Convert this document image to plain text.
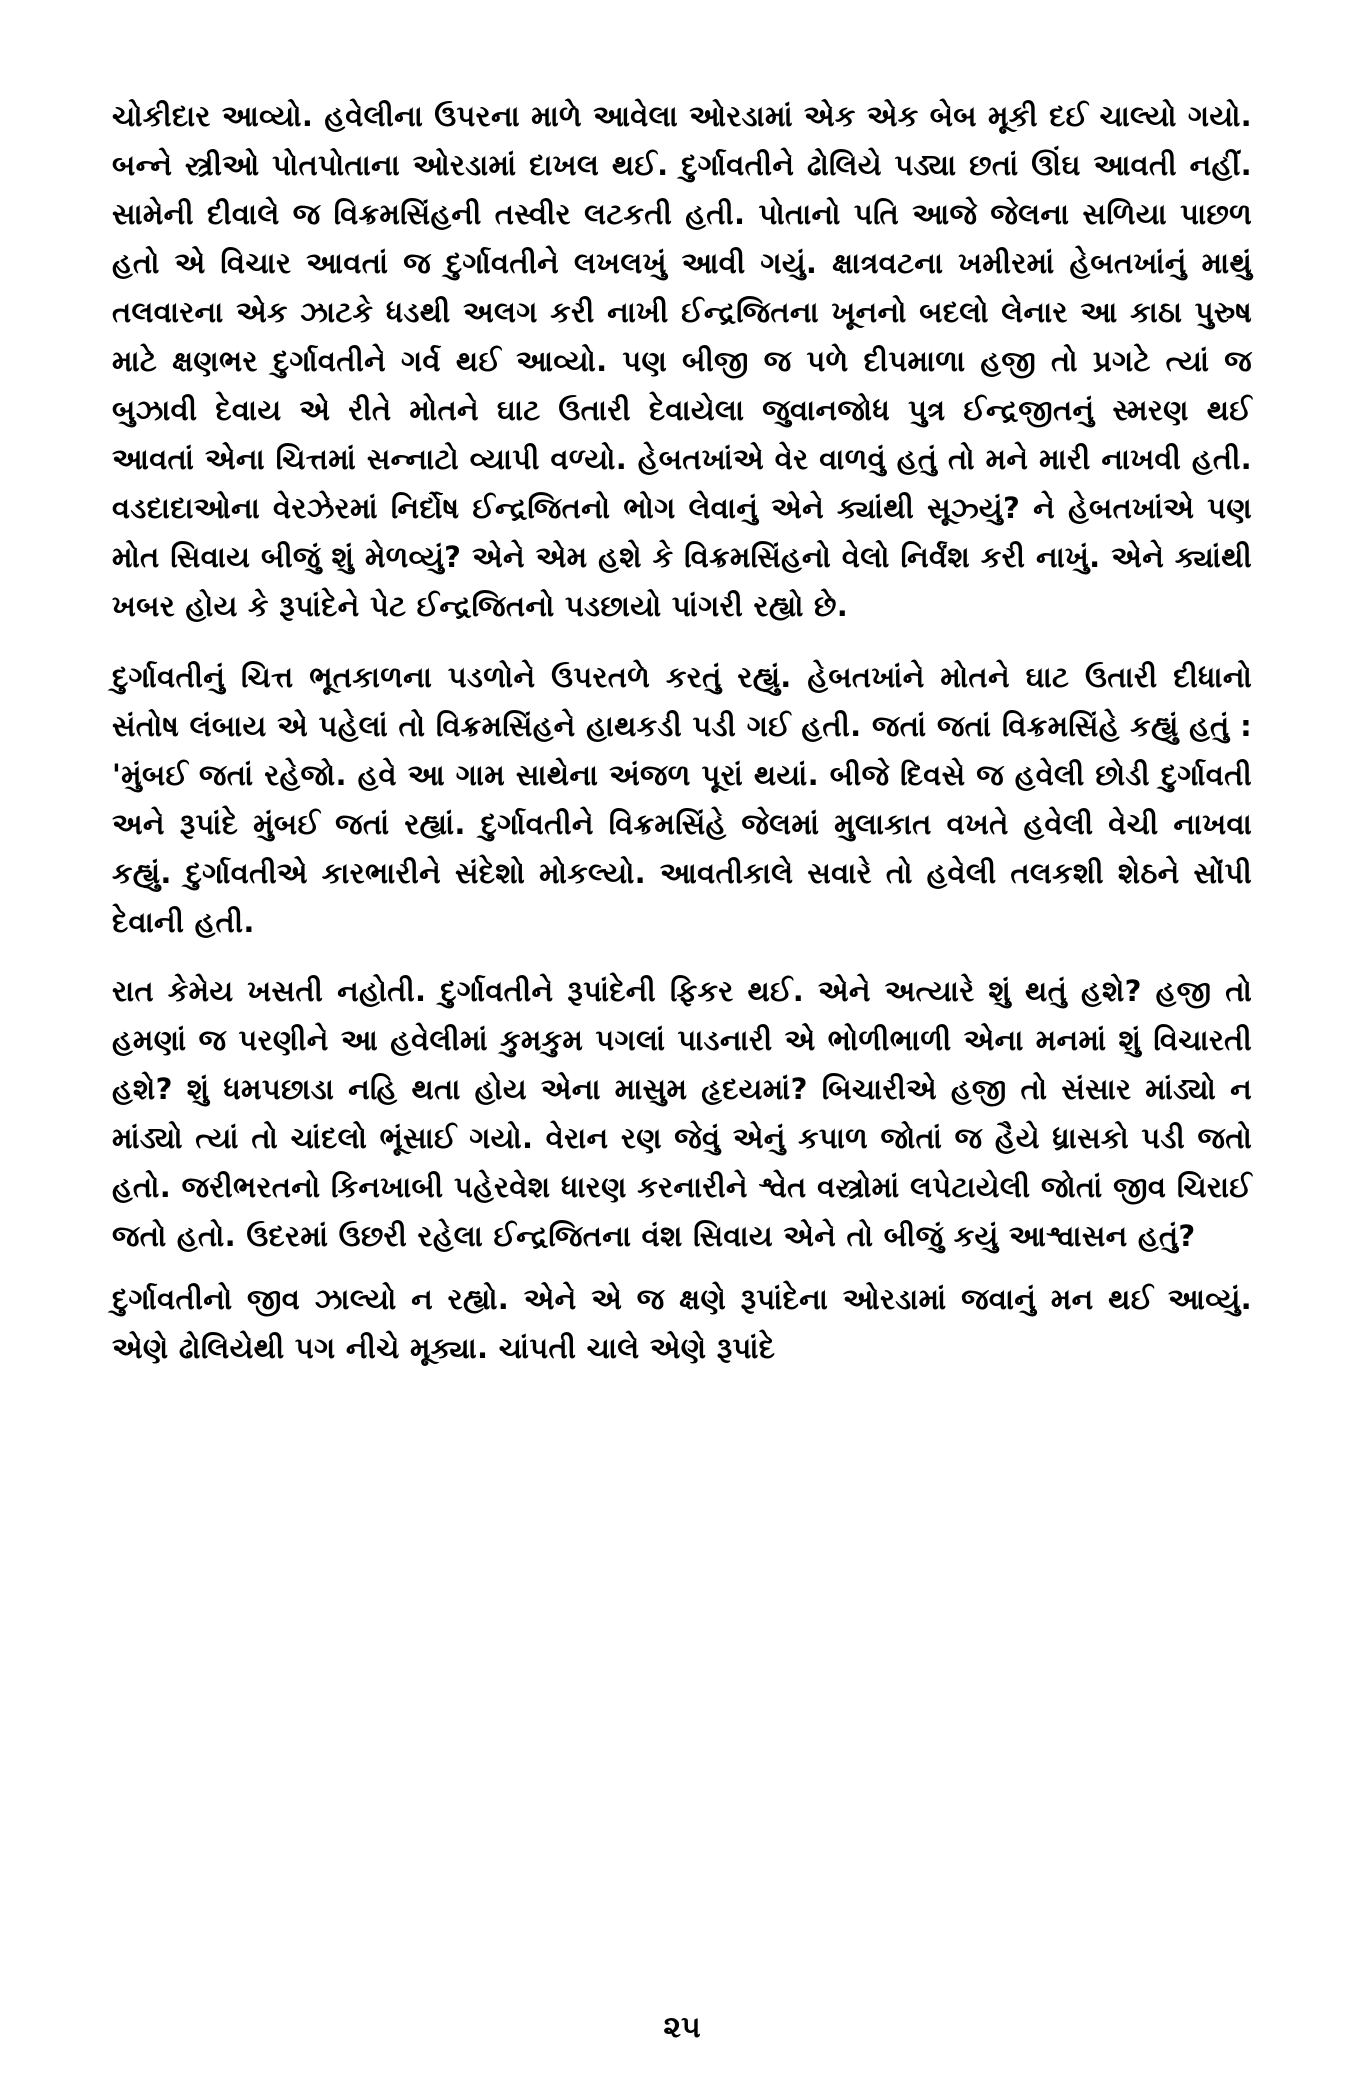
ચોકીદાર આવ્યો. હવેલીના ઉપરના માળે આવેલા ઓરડામાં એક એક બેબ મૂકી દઈ ચાલ્યો ગયો. બન્ને સ્ત્રીઓ પોતપોતાના ઓરડામાં દાખલ થઈ. દુર્ગાવતીને ઢોલિયે પડ્યા છતાં ઊંઘ આવતી નહીં. સામેની દીવાલે જ વિક્રમસિંહની તસ્વીર લટકતી હતી. પોતાનો પતિ આજે જેલના સળિયા પાછળ હતો એ વિચાર આવતાં જ દુર્ગાવતીને લખલખું આવી ગયું. ક્ષાત્રવટના ખમીરમાં હેબતખાંનું માથું તલવારના એક ઝાટકે ધડથી અલગ કરી નાખી ઈન્દ્રજિતના ખૂનનો બદલો લેનાર આ કાઠા પુરુષ માટે ક્ષણભર દુર્ગાવતીને ગર્વ થઈ આવ્યો. પણ બીજી જ પળે દીપમાળા હજી તો પ્રગટે ત્યાં જ બુઝાવી દેવાય એ રીતે મોતને ઘાટ ઉતારી દેવાયેલા જુવાનજોધ પુત્ર ઈન્દ્રજીતનું સ્મરણ થઈ આવતાં એના ચિત્તમાં સન્નાટો વ્યાપી વળ્યો. હેબતખાંએ વેર વાળવું હતું તો મને મારી નાખવી હતી. વડદાદાઓના વેરઝેરમાં નિર્દોષ ઈન્દ્રજિતનો ભોગ લેવાનું એને ક્યાંથી સૂઝ્યું? ને હેબતખાંએ પણ મોત સિવાય બીજું શું મેળવ્યું? એને એમ હશે કે વિક્રમસિંહનો વેલો નિર્વંશ કરી નાખું. એને ક્યાંથી ખબર હોય કે રૂપાંદેને પેટ ઈન્દ્રજિતનો પડછાયો પાંગરી રહ્યો છે.

દુર્ગાવતીનું ચિત્ત ભૂતકાળના પડળોને ઉપરતળે કરતું રહ્યું. હેબતખાંને મોતને ઘાટ ઉતારી દીધાનો સંતોષ લંબાય એ પહેલાં તો વિક્રમસિંહને હાથકડી પડી ગઈ હતી. જતાં જતાં વિક્રમસિંહે કહ્યું હતું : 'મુંબઈ જતાં રહેજો. હવે આ ગામ સાથેના અંજળ પૂરાં થયાં. બીજે દિવસે જ હવેલી છોડી દુર્ગાવતી અને રૂપાંદે મુંબઈ જતાં રહ્યાં. દુર્ગાવતીને વિક્રમસિંહે જેલમાં મુલાકાત વખતે હવેલી વેચી નાખવા કહ્યું. દુર્ગાવતીએ કારભારીને સંદેશો મોકલ્યો. આવતીકાલે સવારે તો હવેલી તલકશી શેઠને સોંપી દેવાની હતી.

રાત કેમેય ખસતી નહોતી. દુર્ગાવતીને રૂપાંદેની ફિકર થઈ. એને અત્યારે શું થતું હશે? હજી તો હમણાં જ પરણીને આ હવેલીમાં કુમકુમ પગલાં પાડનારી એ ભોળીભાળી એના મનમાં શું વિચારતી હશે? શું ધમપછાડા નહિ થતા હોય એના માસુમ હૃદયમાં? બિચારીએ હજી તો સંસાર માંડ્યો ન માંડ્યો ત્યાં તો ચાંદલો ભૂંસાઈ ગયો. વેરાન રણ જેવું એનું કપાળ જોતાં જ હૈયે ધ્રાસકો પડી જતો હતો. જરીભરતનો કિનખાબી પહેરવેશ ધારણ કરનારીને શ્વેત વસ્ત્રોમાં લપેટાયેલી જોતાં જીવ ચિરાઈ જતો હતો. ઉદરમાં ઉછરી રહેલા ઈન્દ્રજિતના વંશ સિવાય એને તો બીજું કયું આશ્વાસન હતું?

દુર્ગાવતીનો જીવ ઝાલ્યો ન રહ્યો. એને એ જ ક્ષણે રૂપાંદેના ઓરડામાં જવાનું મન થઈ આવ્યું. એણે ઢોલિયેથી પગ નીચે મૂક્યા. ચાંપતી ચાલે એણે રૂપાંદે

૨૫
